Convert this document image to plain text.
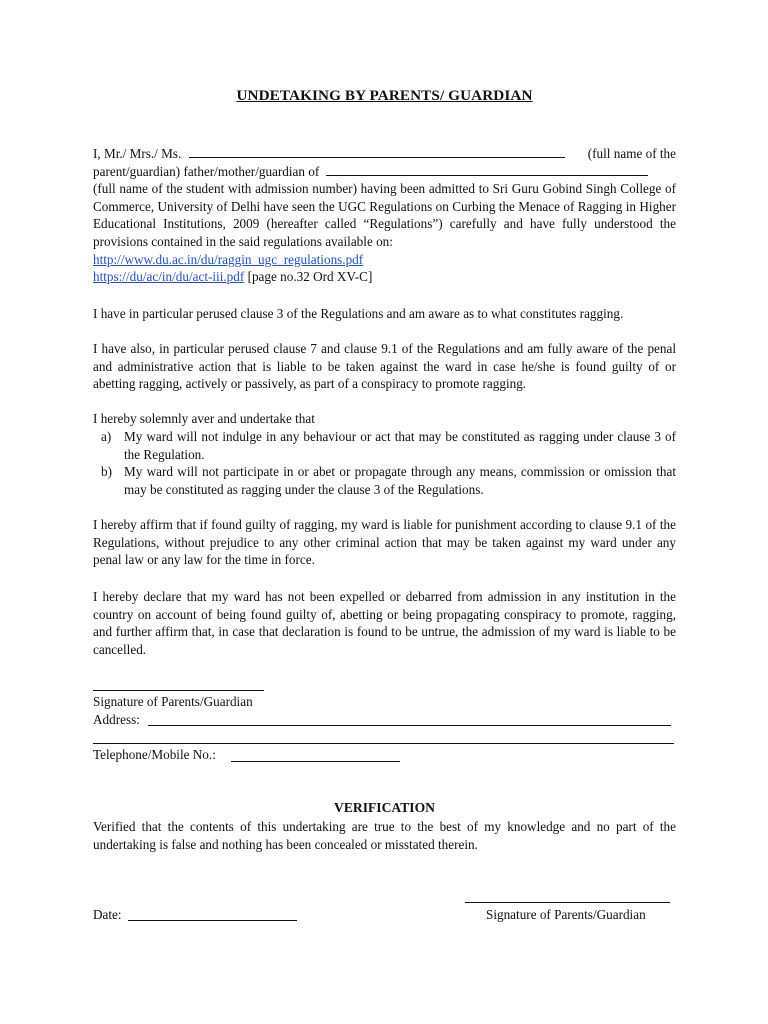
UNDETAKING BY PARENTS/ GUARDIAN
I, Mr./ Mrs./ Ms.	(full name of the
parent/guardian) father/mother/guardian of
(full name of the student with admission number) having been admitted to Sri Guru Gobind Singh College of Commerce, University of Delhi have seen the UGC Regulations on Curbing the Menace of Ragging in Higher Educational Institutions, 2009 (hereafter called “Regulations”) carefully and have fully understood the provisions contained in the said regulations available on:
http://www.du.ac.in/du/raggin_ugc_regulations.pdf
https://du/ac/in/du/act-iii.pdf [page no.32 Ord XV-C]
I have in particular perused clause 3 of the Regulations and am aware as to what constitutes ragging.
I have also, in particular perused clause 7 and clause 9.1 of the Regulations and am fully aware of the penal and administrative action that is liable to be taken against the ward in case he/she is found guilty of or abetting ragging, actively or passively, as part of a conspiracy to promote ragging.
I hereby solemnly aver and undertake that
a) My ward will not indulge in any behaviour or act that may be constituted as ragging under clause 3 of the Regulation.
b) My ward will not participate in or abet or propagate through any means, commission or omission that may be constituted as ragging under the clause 3 of the Regulations.
I hereby affirm that if found guilty of ragging, my ward is liable for punishment according to clause 9.1 of the Regulations, without prejudice to any other criminal action that may be taken against my ward under any penal law or any law for the time in force.
I hereby declare that my ward has not been expelled or debarred from admission in any institution in the country on account of being found guilty of, abetting or being propagating conspiracy to promote, ragging, and further affirm that, in case that declaration is found to be untrue, the admission of my ward is liable to be cancelled.
Signature of Parents/Guardian
Address:
Telephone/Mobile No.:
VERIFICATION
Verified that the contents of this undertaking are true to the best of my knowledge and no part of the undertaking is false and nothing has been concealed or misstated therein.
Date:	Signature of Parents/Guardian
